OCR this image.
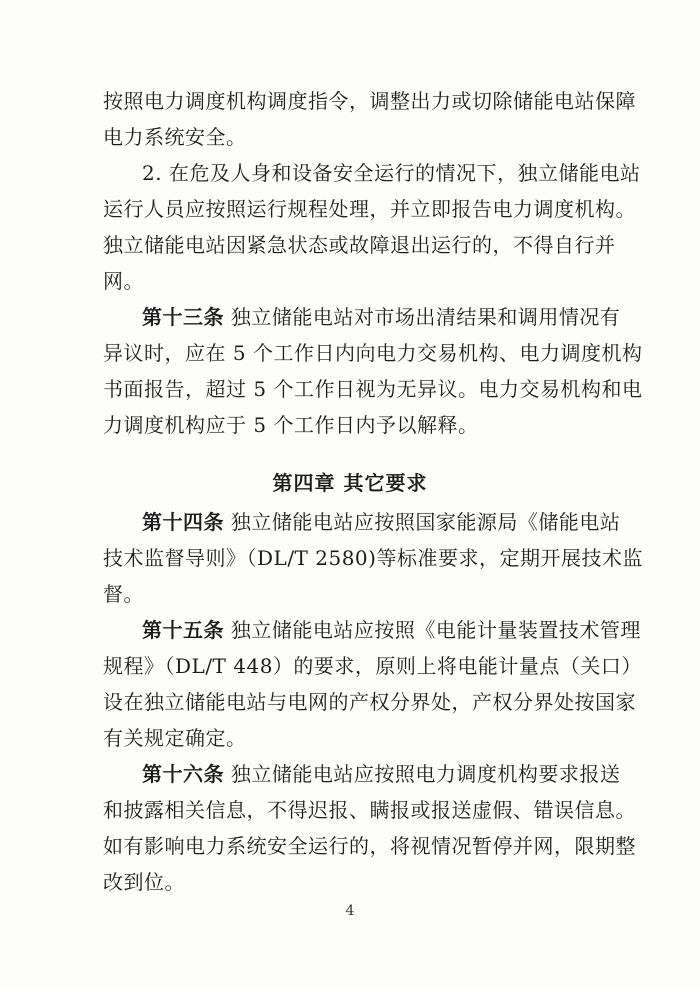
按照电力调度机构调度指令，调整出力或切除储能电站保障
电力系统安全。
2. 在危及人身和设备安全运行的情况下，独立储能电站
运行人员应按照运行规程处理，并立即报告电力调度机构。
独立储能电站因紧急状态或故障退出运行的，不得自行并
网。
第十三条 独立储能电站对市场出清结果和调用情况有
异议时，应在 5 个工作日内向电力交易机构、电力调度机构
书面报告，超过 5 个工作日视为无异议。电力交易机构和电
力调度机构应于 5 个工作日内予以解释。
第四章 其它要求
第十四条 独立储能电站应按照国家能源局《储能电站
技术监督导则》（DL/T 2580)等标准要求，定期开展技术监
督。
第十五条 独立储能电站应按照《电能计量装置技术管理
规程》（DL/T 448）的要求，原则上将电能计量点（关口）
设在独立储能电站与电网的产权分界处，产权分界处按国家
有关规定确定。
第十六条 独立储能电站应按照电力调度机构要求报送
和披露相关信息，不得迟报、瞒报或报送虚假、错误信息。
如有影响电力系统安全运行的，将视情况暂停并网，限期整
改到位。
4
